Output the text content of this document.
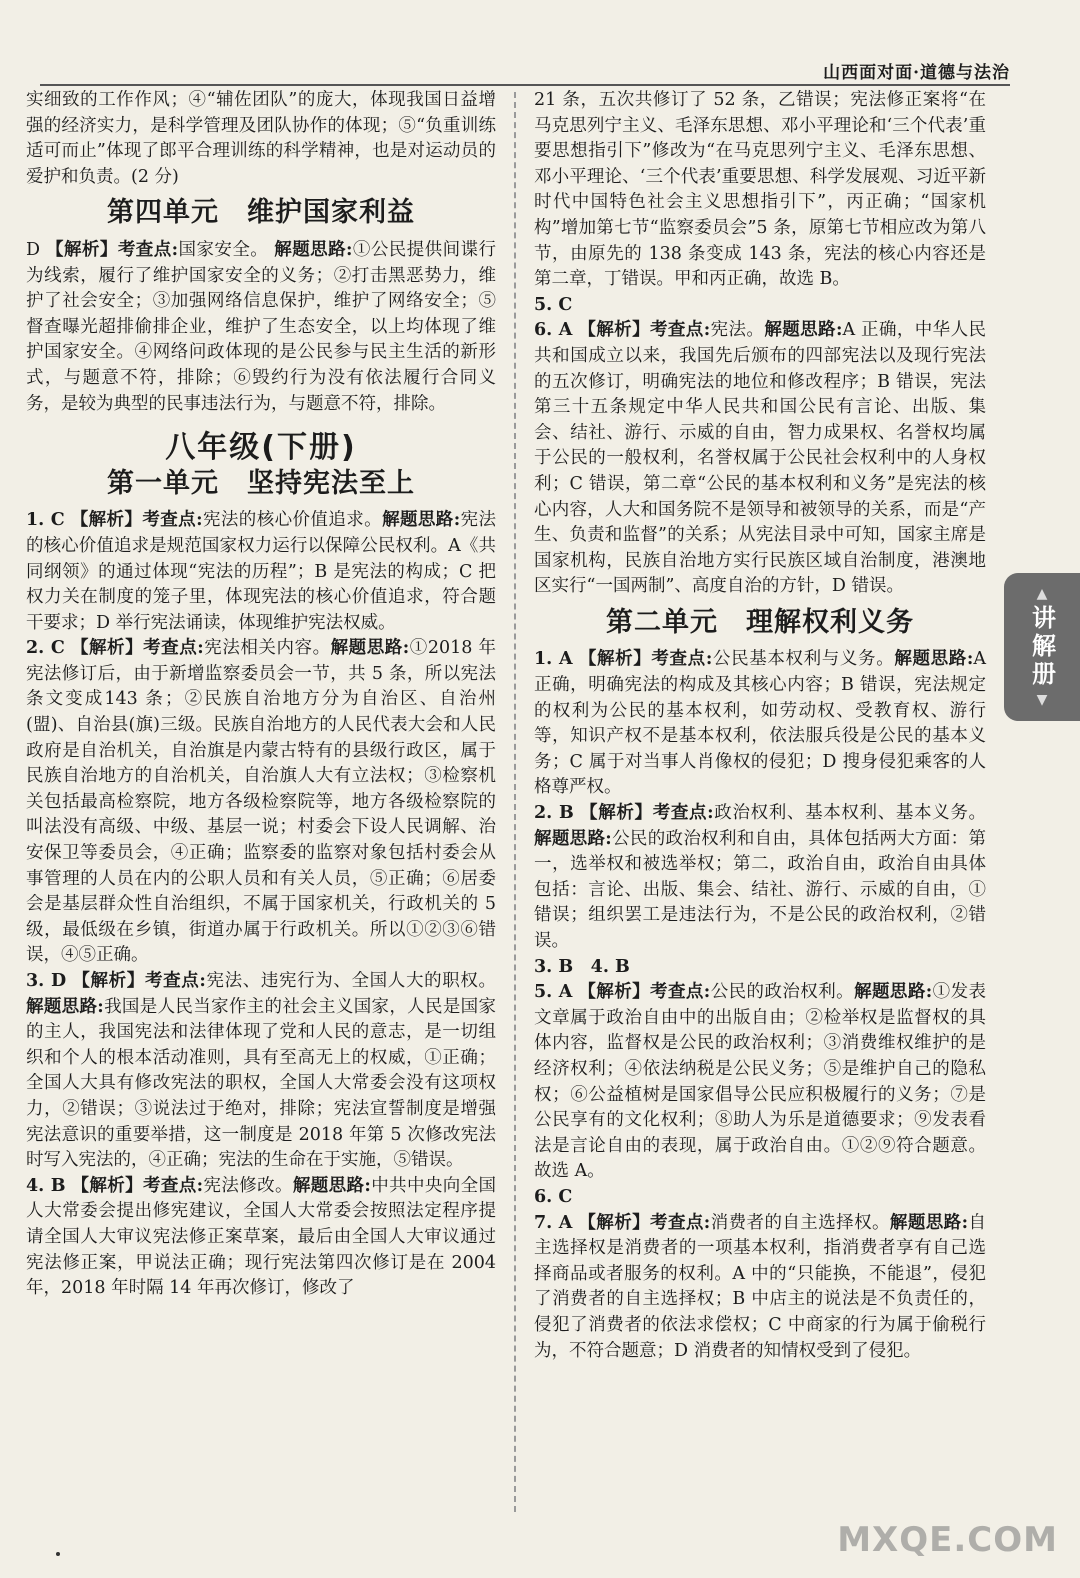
山西面对面·道德与法治

实细致的工作作风；④“辅佐团队”的庞大，体现我国日益增强的经济实力，是科学管理及团队协作的体现；⑤“负重训练适可而止”体现了郎平合理训练的科学精神，也是对运动员的爱护和负责。(2 分)

第四单元　维护国家利益

D 【解析】考查点:国家安全。 解题思路:①公民提供间谍行为线索，履行了维护国家安全的义务；②打击黑恶势力，维护了社会安全；③加强网络信息保护，维护了网络安全；⑤督查曝光超排偷排企业，维护了生态安全，以上均体现了维护国家安全。④网络问政体现的是公民参与民主生活的新形式，与题意不符，排除；⑥毁约行为没有依法履行合同义务，是较为典型的民事违法行为，与题意不符，排除。

八年级(下册)
第一单元　坚持宪法至上

1. C 【解析】考查点:宪法的核心价值追求。解题思路:宪法的核心价值追求是规范国家权力运行以保障公民权利。A《共同纲领》的通过体现“宪法的历程”；B 是宪法的构成；C 把权力关在制度的笼子里，体现宪法的核心价值追求，符合题干要求；D 举行宪法诵读，体现维护宪法权威。

2. C 【解析】考查点:宪法相关内容。解题思路:①2018 年宪法修订后，由于新增监察委员会一节，共 5 条，所以宪法条文变成143 条；②民族自治地方分为自治区、自治州(盟)、自治县(旗)三级。民族自治地方的人民代表大会和人民政府是自治机关，自治旗是内蒙古特有的县级行政区，属于民族自治地方的自治机关，自治旗人大有立法权；③检察机关包括最高检察院，地方各级检察院等，地方各级检察院的叫法没有高级、中级、基层一说；村委会下设人民调解、治安保卫等委员会，④正确；监察委的监察对象包括村委会从事管理的人员在内的公职人员和有关人员，⑤正确；⑥居委会是基层群众性自治组织，不属于国家机关，行政机关的 5 级，最低级在乡镇，街道办属于行政机关。所以①②③⑥错误，④⑤正确。

3. D 【解析】考查点:宪法、违宪行为、全国人大的职权。解题思路:我国是人民当家作主的社会主义国家，人民是国家的主人，我国宪法和法律体现了党和人民的意志，是一切组织和个人的根本活动准则，具有至高无上的权威，①正确；全国人大具有修改宪法的职权，全国人大常委会没有这项权力，②错误；③说法过于绝对，排除；宪法宣誓制度是增强宪法意识的重要举措，这一制度是 2018 年第 5 次修改宪法时写入宪法的，④正确；宪法的生命在于实施，⑤错误。

4. B 【解析】考查点:宪法修改。解题思路:中共中央向全国人大常委会提出修宪建议，全国人大常委会按照法定程序提请全国人大审议宪法修正案草案，最后由全国人大审议通过宪法修正案，甲说法正确；现行宪法第四次修订是在 2004 年，2018 年时隔 14 年再次修订，修改了

21 条，五次共修订了 52 条，乙错误；宪法修正案将“在马克思列宁主义、毛泽东思想、邓小平理论和‘三个代表’重要思想指引下”修改为“在马克思列宁主义、毛泽东思想、邓小平理论、‘三个代表’重要思想、科学发展观、习近平新时代中国特色社会主义思想指引下”，丙正确；“国家机构”增加第七节“监察委员会”5 条，原第七节相应改为第八节，由原先的 138 条变成 143 条，宪法的核心内容还是第二章，丁错误。甲和丙正确，故选 B。

5. C

6. A 【解析】考查点:宪法。解题思路:A 正确，中华人民共和国成立以来，我国先后颁布的四部宪法以及现行宪法的五次修订，明确宪法的地位和修改程序；B 错误，宪法第三十五条规定中华人民共和国公民有言论、出版、集会、结社、游行、示威的自由，智力成果权、名誉权均属于公民的一般权利，名誉权属于公民社会权利中的人身权利；C 错误，第二章“公民的基本权利和义务”是宪法的核心内容，人大和国务院不是领导和被领导的关系，而是“产生、负责和监督”的关系；从宪法目录中可知，国家主席是国家机构，民族自治地方实行民族区域自治制度，港澳地区实行“一国两制”、高度自治的方针，D 错误。

第二单元　理解权利义务

1. A 【解析】考查点:公民基本权利与义务。解题思路:A 正确，明确宪法的构成及其核心内容；B 错误，宪法规定的权利为公民的基本权利，如劳动权、受教育权、游行等，知识产权不是基本权利，依法服兵役是公民的基本义务；C 属于对当事人肖像权的侵犯；D 搜身侵犯乘客的人格尊严权。

2. B 【解析】考查点:政治权利、基本权利、基本义务。解题思路:公民的政治权利和自由，具体包括两大方面：第一，选举权和被选举权；第二，政治自由，政治自由具体包括：言论、出版、集会、结社、游行、示威的自由，①错误；组织罢工是违法行为，不是公民的政治权利，②错误。

3. B　4. B

5. A 【解析】考查点:公民的政治权利。解题思路:①发表文章属于政治自由中的出版自由；②检举权是监督权的具体内容，监督权是公民的政治权利；③消费维权维护的是经济权利；④依法纳税是公民义务；⑤是维护自己的隐私权；⑥公益植树是国家倡导公民应积极履行的义务；⑦是公民享有的文化权利；⑧助人为乐是道德要求；⑨发表看法是言论自由的表现，属于政治自由。①②⑨符合题意。故选 A。

6. C

7. A 【解析】考查点:消费者的自主选择权。解题思路:自主选择权是消费者的一项基本权利，指消费者享有自己选择商品或者服务的权利。A 中的“只能换，不能退”，侵犯了消费者的自主选择权；B 中店主的说法是不负责任的，侵犯了消费者的依法求偿权；C 中商家的行为属于偷税行为，不符合题意；D 消费者的知情权受到了侵犯。

▲
讲解册
▼
MXQE.COM
